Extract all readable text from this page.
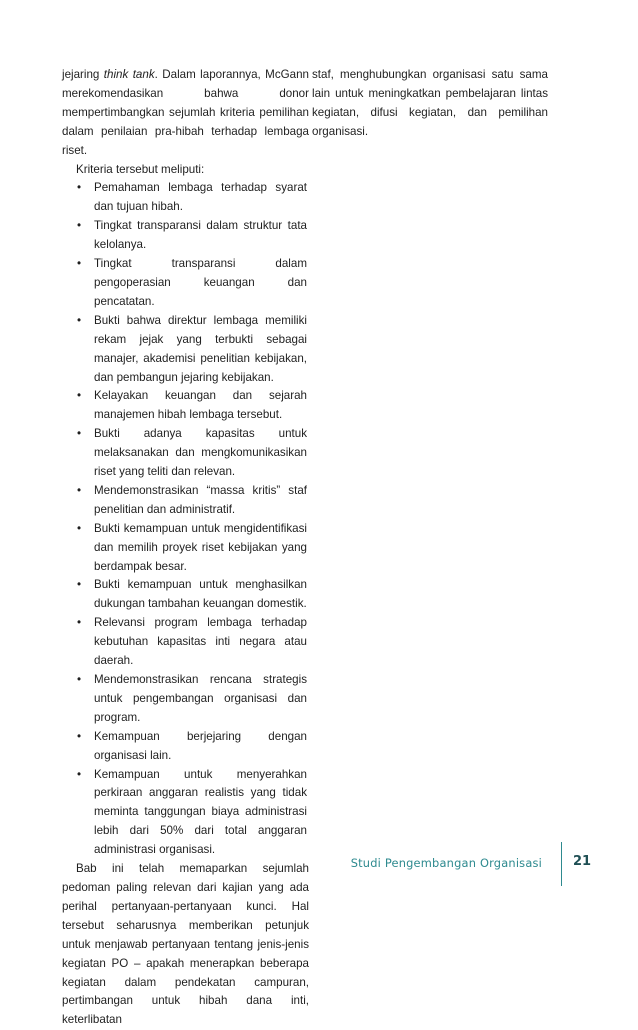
jejaring think tank. Dalam laporannya, McGann merekomendasikan bahwa donor mempertimbangkan sejumlah kriteria pemilihan dalam penilaian pra-hibah terhadap lembaga riset.

Kriteria tersebut meliputi:

• Pemahaman lembaga terhadap syarat dan tujuan hibah.
• Tingkat transparansi dalam struktur tata kelolanya.
• Tingkat transparansi dalam pengoperasian keuangan dan pencatatan.
• Bukti bahwa direktur lembaga memiliki rekam jejak yang terbukti sebagai manajer, akademisi penelitian kebijakan, dan pembangun jejaring kebijakan.
• Kelayakan keuangan dan sejarah manajemen hibah lembaga tersebut.
• Bukti adanya kapasitas untuk melaksanakan dan mengkomunikasikan riset yang teliti dan relevan.
• Mendemonstrasikan “massa kritis” staf penelitian dan administratif.
• Bukti kemampuan untuk mengidentifikasi dan memilih proyek riset kebijakan yang berdampak besar.
• Bukti kemampuan untuk menghasilkan dukungan tambahan keuangan domestik.
• Relevansi program lembaga terhadap kebutuhan kapasitas inti negara atau daerah.
• Mendemonstrasikan rencana strategis untuk pengembangan organisasi dan program.
• Kemampuan berjejaring dengan organisasi lain.
• Kemampuan untuk menyerahkan perkiraan anggaran realistis yang tidak meminta tanggungan biaya administrasi lebih dari 50% dari total anggaran administrasi organisasi.

Bab ini telah memaparkan sejumlah pedoman paling relevan dari kajian yang ada perihal pertanyaan-pertanyaan kunci. Hal tersebut seharusnya memberikan petunjuk untuk menjawab pertanyaan tentang jenis-jenis kegiatan PO – apakah menerapkan beberapa kegiatan dalam pendekatan campuran, pertimbangan untuk hibah dana inti, keterlibatan

staf, menghubungkan organisasi satu sama lain untuk meningkatkan pembelajaran lintas kegiatan, difusi kegiatan, dan pemilihan organisasi.

Studi Pengembangan Organisasi 21
